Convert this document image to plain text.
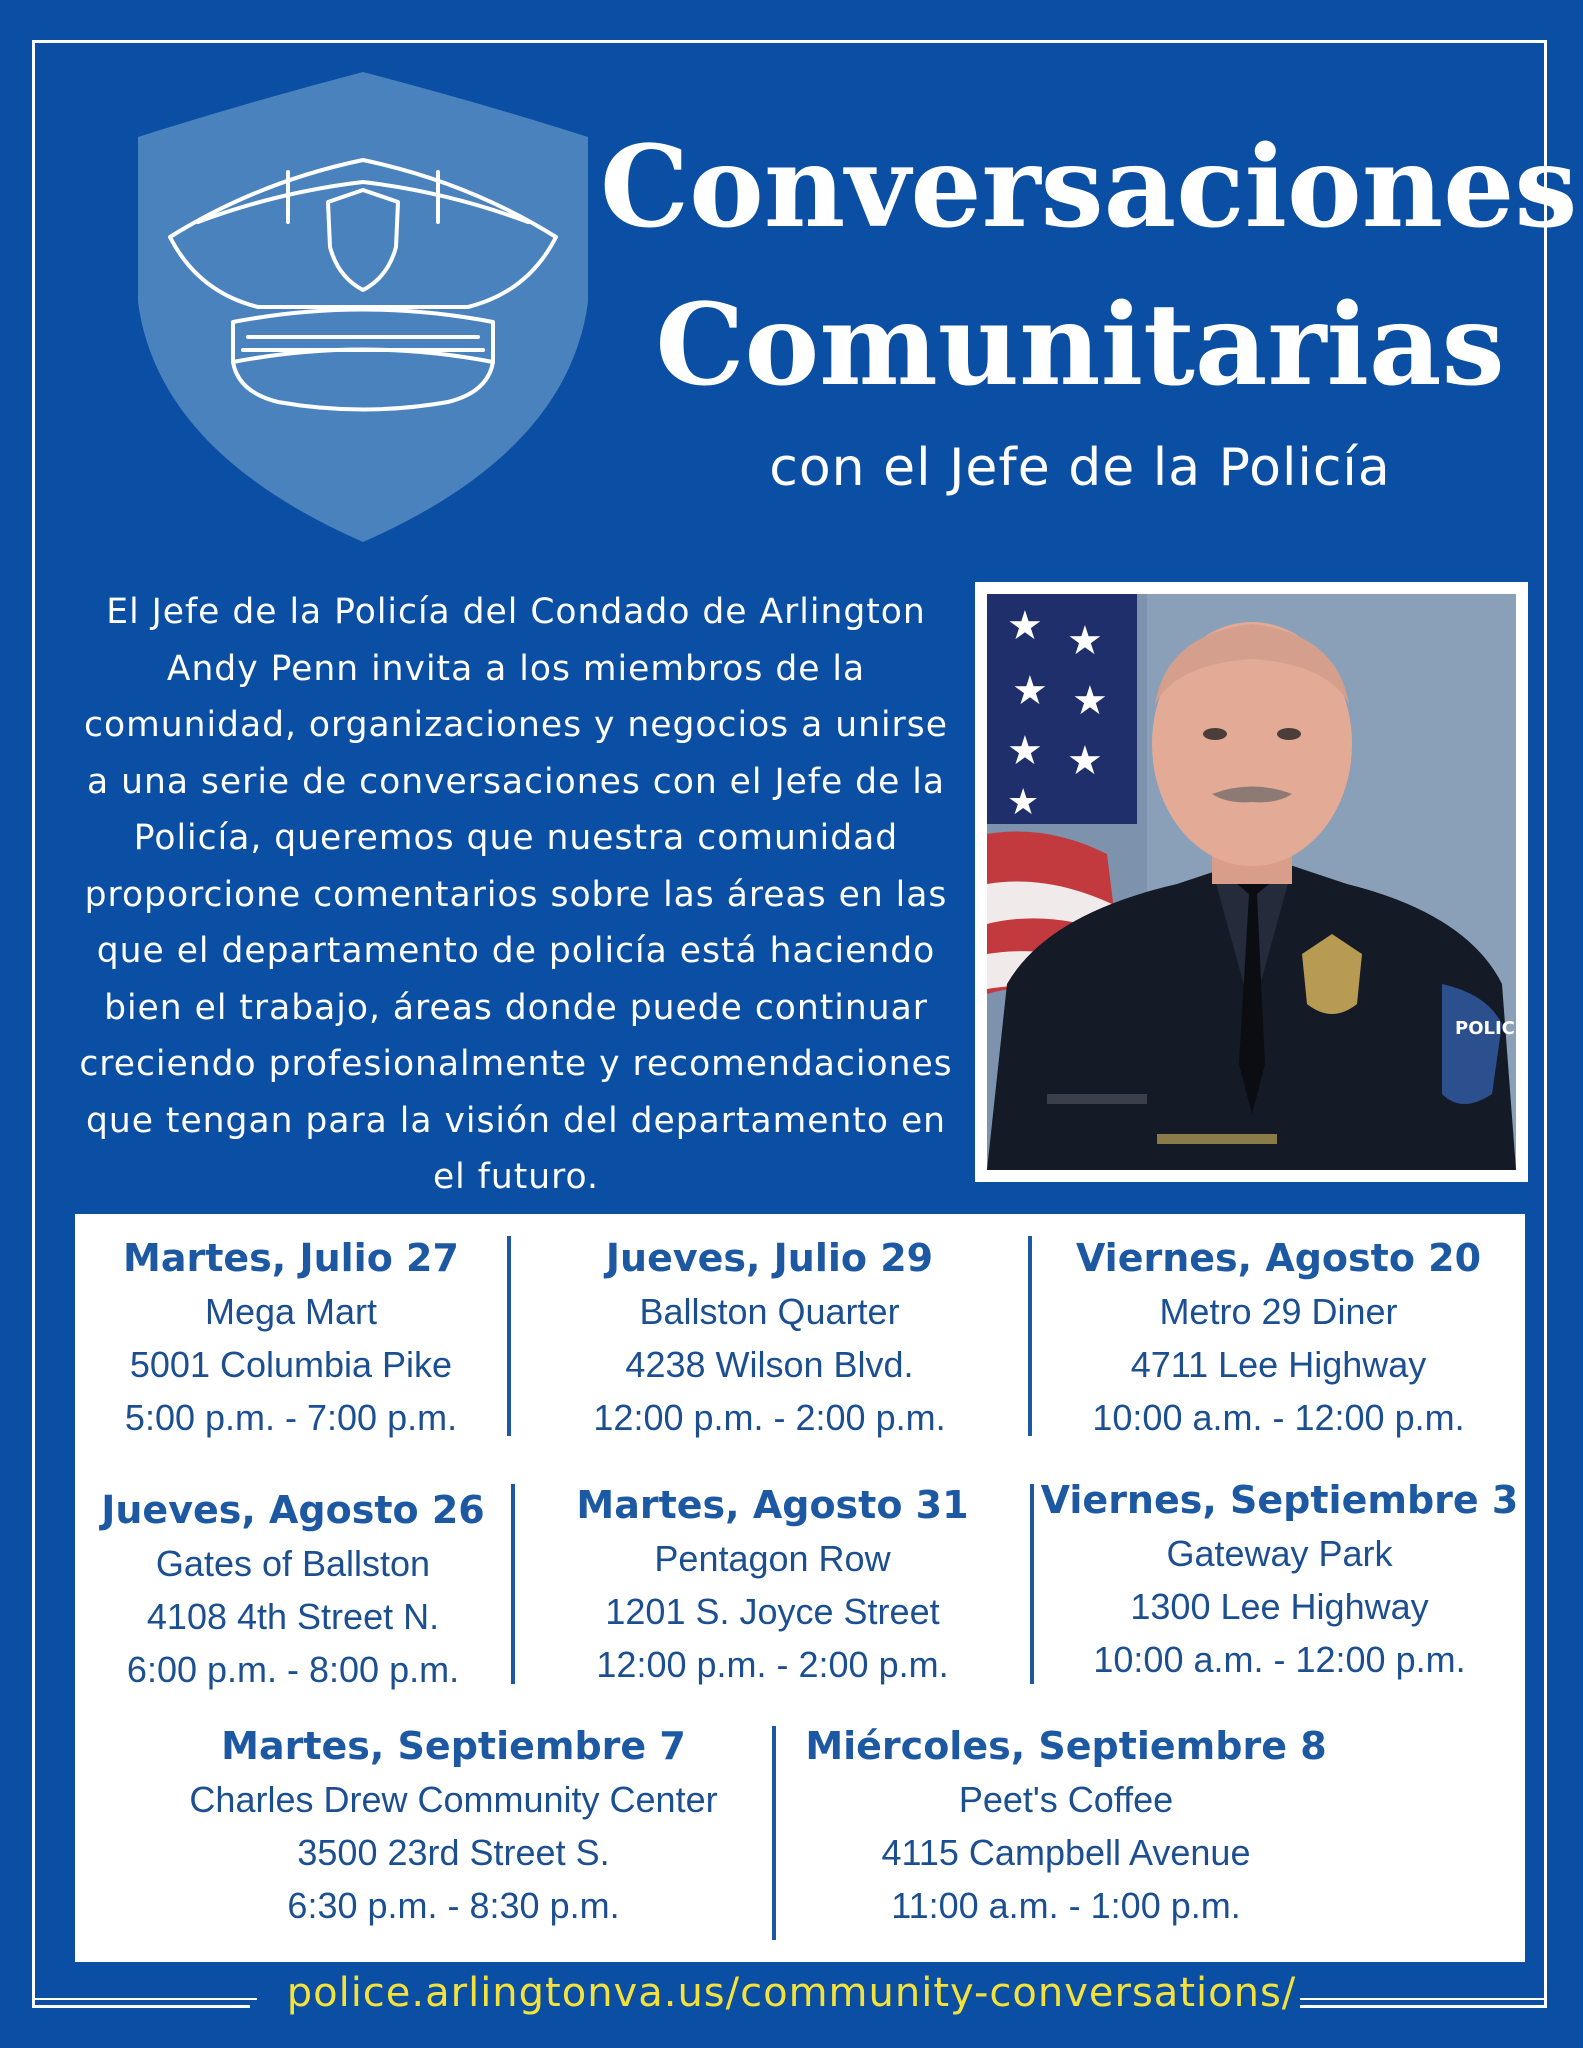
Conversaciones
Comunitarias
con el Jefe de la Policía
El Jefe de la Policía del Condado de Arlington
Andy Penn invita a los miembros de la
comunidad, organizaciones y negocios a unirse
a una serie de conversaciones con el Jefe de la
Policía, queremos que nuestra comunidad
proporcione comentarios sobre las áreas en las
que el departamento de policía está haciendo
bien el trabajo, áreas donde puede continuar
creciendo profesionalmente y recomendaciones
que tengan para la visión del departamento en
el futuro.
★ ★
★ ★
★ ★
★
POLICE
Martes, Julio 27
Mega Mart
5001 Columbia Pike
5:00 p.m. - 7:00 p.m.
Jueves, Julio 29
Ballston Quarter
4238 Wilson Blvd.
12:00 p.m. - 2:00 p.m.
Viernes, Agosto 20
Metro 29 Diner
4711 Lee Highway
10:00 a.m. - 12:00 p.m.
Jueves, Agosto 26
Gates of Ballston
4108 4th Street N.
6:00 p.m. - 8:00 p.m.
Martes, Agosto 31
Pentagon Row
1201 S. Joyce Street
12:00 p.m. - 2:00 p.m.
Viernes, Septiembre 3
Gateway Park
1300 Lee Highway
10:00 a.m. - 12:00 p.m.
Martes, Septiembre 7
Charles Drew Community Center
3500 23rd Street S.
6:30 p.m. - 8:30 p.m.
Miércoles, Septiembre 8
Peet's Coffee
4115 Campbell Avenue
11:00 a.m. - 1:00 p.m.
police.arlingtonva.us/community-conversations/
